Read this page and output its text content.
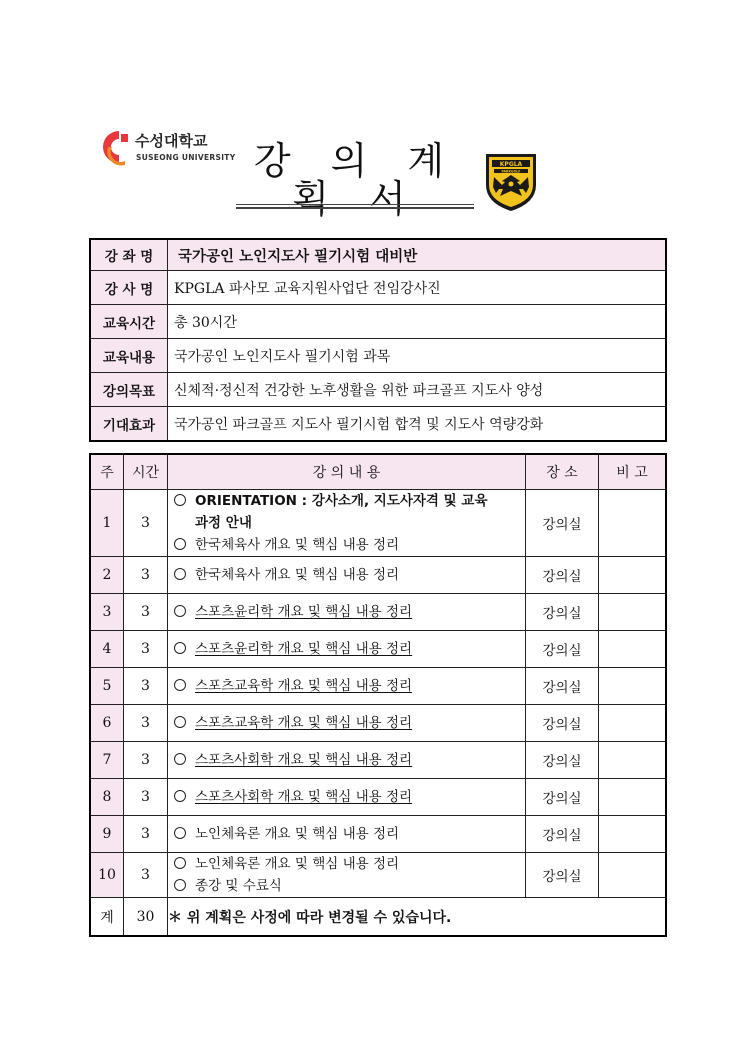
수성대학교
SUSEONG UNIVERSITY 강 의 계 획 서
KPGLA
PARKGOLF
강 좌 명	국가공인 노인지도사 필기시험 대비반
강 사 명	KPGLA 파사모 교육지원사업단 전임강사진
교육시간	총 30시간
교육내용	국가공인 노인지도사 필기시험 과목
강의목표	신체적·정신적 건강한 노후생활을 위한 파크골프 지도사 양성
기대효과	국가공인 파크골프 지도사 필기시험 합격 및 지도사 역량강화
주	시간	강 의 내 용	장 소	비 고
1	3	ORIENTATION : 강사소개, 지도사자격 및 교육
과정 안내
한국체육사 개요 및 핵심 내용 정리	강의실	
2	3	한국체육사 개요 및 핵심 내용 정리	강의실	
3	3	스포츠윤리학 개요 및 핵심 내용 정리	강의실	
4	3	스포츠윤리학 개요 및 핵심 내용 정리	강의실	
5	3	스포츠교육학 개요 및 핵심 내용 정리	강의실	
6	3	스포츠교육학 개요 및 핵심 내용 정리	강의실	
7	3	스포츠사회학 개요 및 핵심 내용 정리	강의실	
8	3	스포츠사회학 개요 및 핵심 내용 정리	강의실	
9	3	노인체육론 개요 및 핵심 내용 정리	강의실	
10	3	노인체육론 개요 및 핵심 내용 정리
종강 및 수료식	강의실	
계	30	＊ 위 계획은 사정에 따라 변경될 수 있습니다.		
